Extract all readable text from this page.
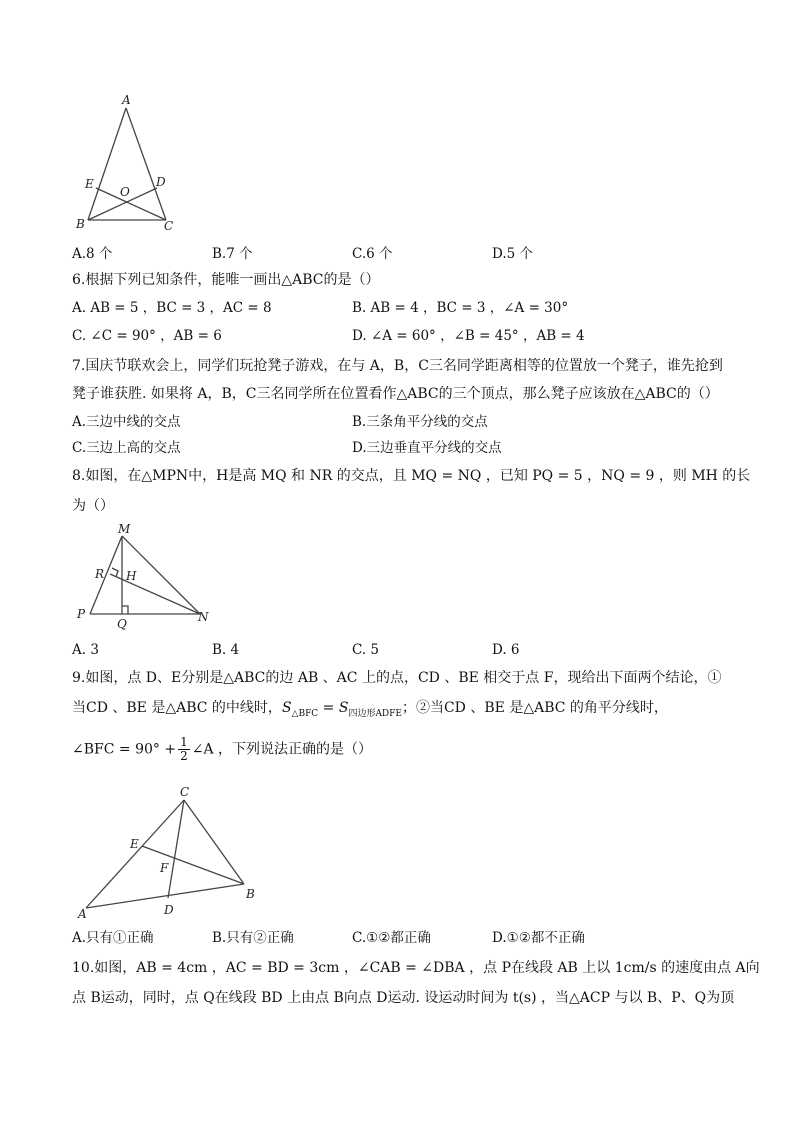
A
E
O
D
B	C
A.8 个	B.7 个	C.6 个	D.5 个
6.根据下列已知条件，能唯一画出△ABC的是（）
A. AB = 5 ，BC = 3 ，AC = 8	B. AB = 4 ，BC = 3 ，∠A = 30°
C. ∠C = 90° ，AB = 6	D. ∠A = 60° ，∠B = 45° ，AB = 4
7.国庆节联欢会上，同学们玩抢凳子游戏，在与 A，B，C三名同学距离相等的位置放一个凳子，谁先抢到
凳子谁获胜. 如果将 A，B，C三名同学所在位置看作△ABC的三个顶点，那么凳子应该放在△ABC的（）
A.三边中线的交点	B.三条角平分线的交点
C.三边上高的交点	D.三边垂直平分线的交点
8.如图，在△MPN中，H是高 MQ 和 NR 的交点，且 MQ = NQ ，已知 PQ = 5 ，NQ = 9 ，则 MH 的长
为（）
M
R H
P
Q	N
A. 3	B. 4	C. 5	D. 6
9.如图，点 D、E分别是△ABC的边 AB 、AC 上的点，CD 、BE 相交于点 F，现给出下面两个结论，①
当CD 、BE 是△ABC 的中线时，$S_{\triangle BFC} = S_{四边形ADFE}$；②当CD 、BE 是△ABC 的角平分线时，
∠BFC = $90^\circ + \frac{1}{2}$ ∠A ，下列说法正确的是（）
C
E
F
A	D
B
A.只有①正确	B.只有②正确	C.①②都正确	D.①②都不正确
10.如图，AB = 4cm ，AC = BD = 3cm ，∠CAB = ∠DBA ，点 P在线段 AB 上以 1cm/s 的速度由点 A向
点 B运动，同时，点 Q在线段 BD 上由点 B向点 D运动. 设运动时间为 t(s) ，当△ACP 与以 B、P、Q为顶
